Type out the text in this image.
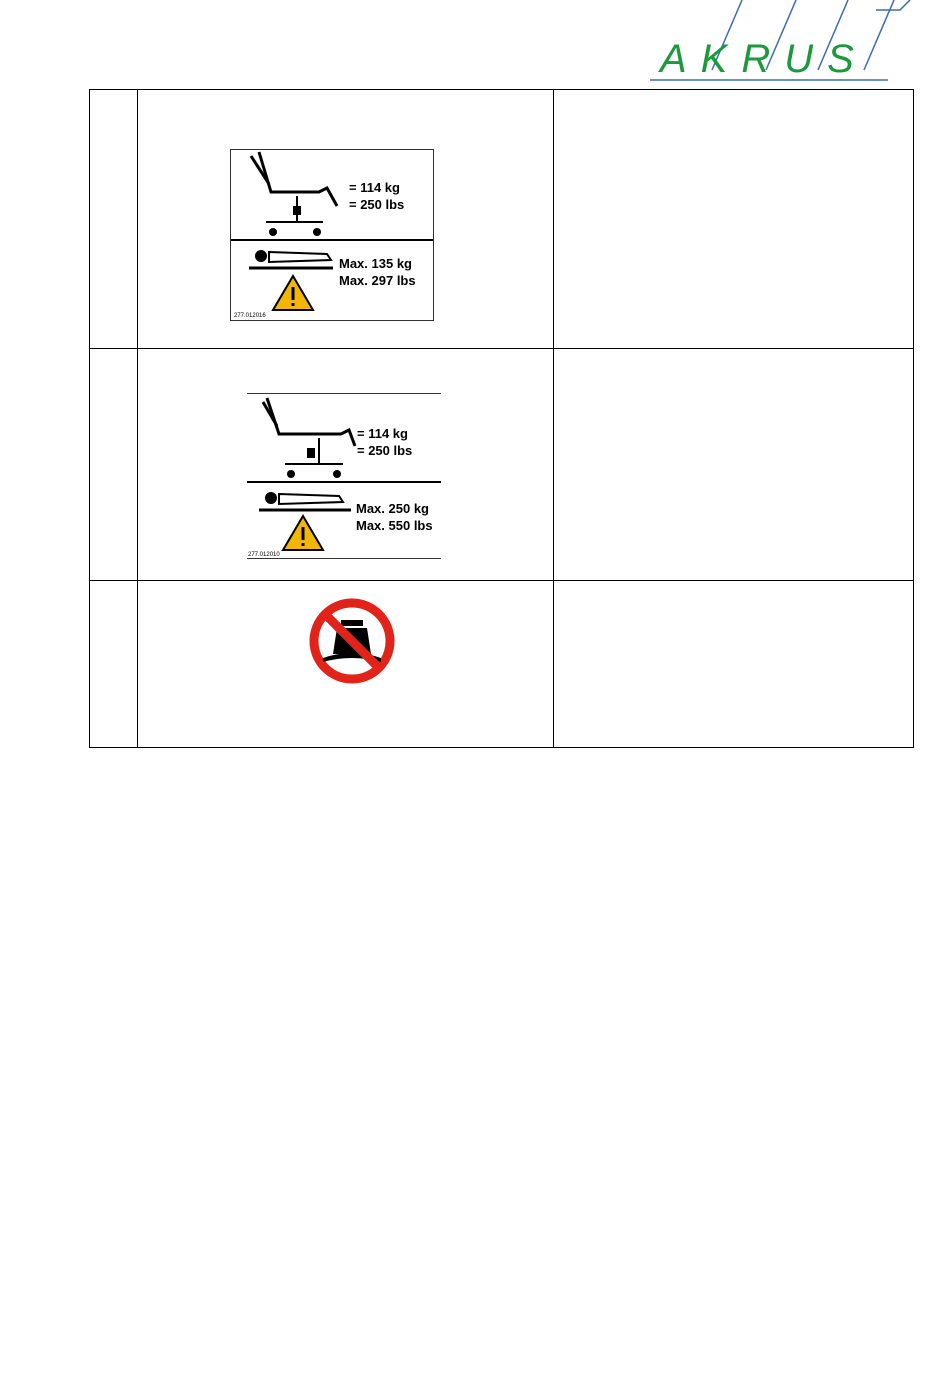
AKRUS

= 114 kg
= 250 lbs
Max. 135 kg
Max. 297 lbs
277.012016	

= 114 kg
= 250 lbs
Max. 250 kg
Max. 550 lbs
277.012010	
